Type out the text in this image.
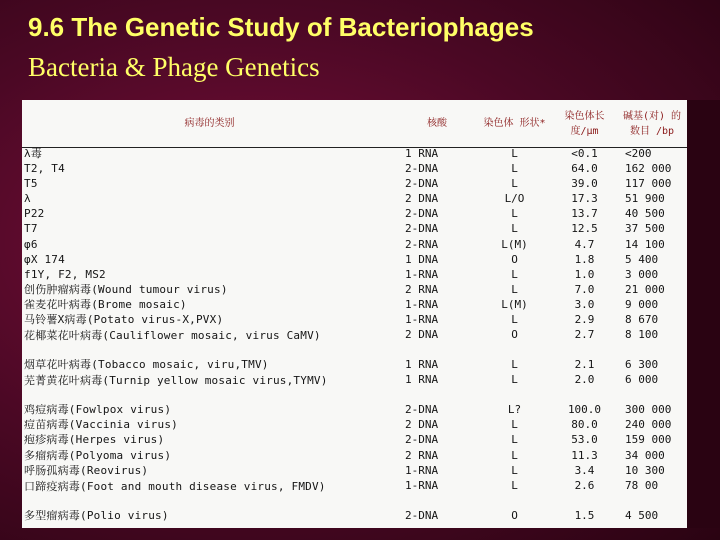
9.6 The Genetic Study of Bacteriophages
Bacteria & Phage Genetics
病毒的类别	核酸	染色体 形状*	染色体长 度/μm	碱基(对) 的数目 /bp
λ毒	1 RNA	L	<0.1	<200
T2, T4	2-DNA	L	64.0	162 000
T5	2-DNA	L	39.0	117 000
λ	2 DNA	L/O	17.3	51 900
P22	2-DNA	L	13.7	40 500
T7	2-DNA	L	12.5	37 500
φ6	2-RNA	L(M)	4.7	14 100
φX 174	1 DNA	O	1.8	5 400
f1Y, F2, MS2	1-RNA	L	1.0	3 000
创伤肿瘤病毒(Wound tumour virus)	2 RNA	L	7.0	21 000
雀麦花叶病毒(Brome mosaic)	1-RNA	L(M)	3.0	9 000
马铃薯X病毒(Potato virus-X,PVX)	1-RNA	L	2.9	8 670
花椰菜花叶病毒(Cauliflower mosaic, virus CaMV)	2 DNA	O	2.7	8 100
烟草花叶病毒(Tobacco mosaic, viru,TMV)	1 RNA	L	2.1	6 300
芜菁黄花叶病毒(Turnip yellow mosaic virus,TYMV)	1 RNA	L	2.0	6 000
鸡痘病毒(Fowlpox virus)	2-DNA	L?	100.0	300 000
痘苗病毒(Vaccinia virus)	2 DNA	L	80.0	240 000
疱疹病毒(Herpes virus)	2-DNA	L	53.0	159 000
多瘤病毒(Polyoma virus)	2 RNA	L	11.3	34 000
呼肠孤病毒(Reovirus)	1-RNA	L	3.4	10 300
口蹄疫病毒(Foot and mouth disease virus, FMDV)	1-RNA	L	2.6	78 00
多型瘤病毒(Polio virus)	2-DNA	O	1.5	4 500
